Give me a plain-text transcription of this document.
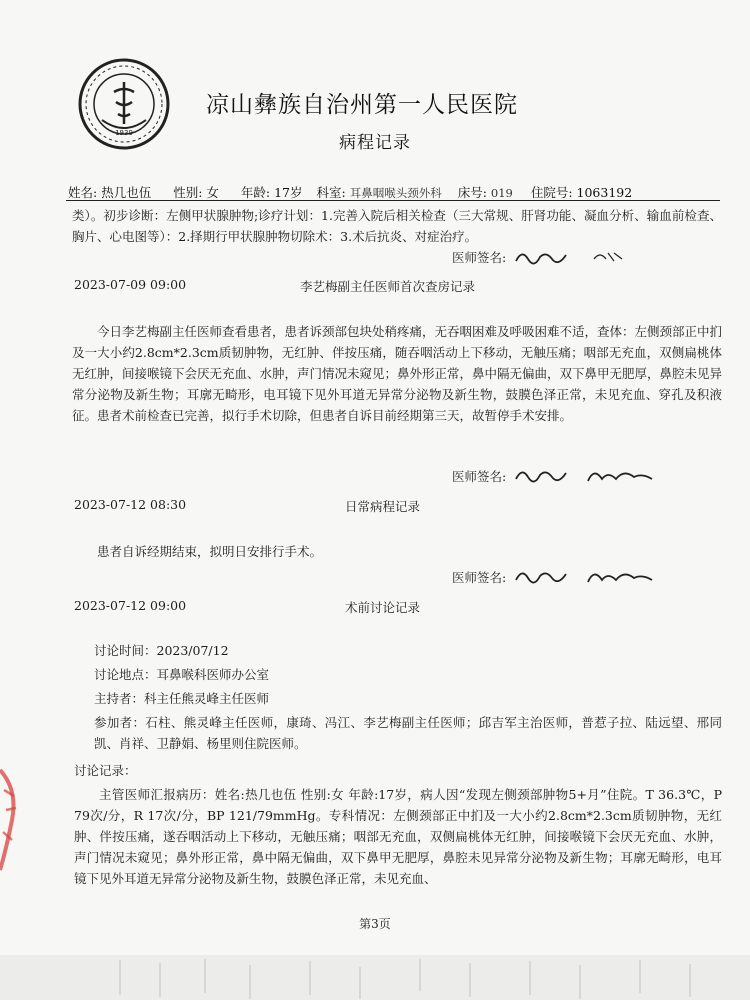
1939
凉山彝族自治州第一人民医院
病程记录
姓名: 热几也伍 性别: 女 年龄: 17岁 科室: 耳鼻咽喉头颈外科 床号: 019 住院号: 1063192
类）。初步诊断：左侧甲状腺肿物;诊疗计划：1.完善入院后相关检查（三大常规、肝肾功能、凝血分析、输血前检查、胸片、心电图等）：2.择期行甲状腺肿物切除术：3.术后抗炎、对症治疗。
医师签名:
2023-07-09 09:00	李艺梅副主任医师首次查房记录
今日李艺梅副主任医师查看患者，患者诉颈部包块处稍疼痛，无吞咽困难及呼吸困难不适，查体：左侧颈部正中扪及一大小约2.8cm*2.3cm质韧肿物，无红肿、伴按压痛，随吞咽活动上下移动，无触压痛；咽部无充血，双侧扁桃体无红肿，间接喉镜下会厌无充血、水肿，声门情况未窥见；鼻外形正常，鼻中隔无偏曲，双下鼻甲无肥厚，鼻腔未见异常分泌物及新生物；耳廓无畸形，电耳镜下见外耳道无异常分泌物及新生物，鼓膜色泽正常，未见充血、穿孔及积液征。患者术前检查已完善，拟行手术切除，但患者自诉目前经期第三天，故暂停手术安排。
医师签名:
2023-07-12 08:30	日常病程记录
患者自诉经期结束，拟明日安排行手术。
医师签名:
2023-07-12 09:00	术前讨论记录
讨论时间：2023/07/12
讨论地点：耳鼻喉科医师办公室
主持者：科主任熊灵峰主任医师
参加者：石柱、熊灵峰主任医师，康琦、冯江、李艺梅副主任医师；邱吉军主治医师，普惹子拉、陆远望、邢同凯、肖祥、卫静娟、杨里则住院医师。
讨论记录：
主管医师汇报病历：姓名:热几也伍 性别:女 年龄:17岁，病人因“发现左侧颈部肿物5+月”住院。T 36.3℃，P 79次/分，R 17次/分，BP 121/79mmHg。专科情况：左侧颈部正中扪及一大小约2.8cm*2.3cm质韧肿物，无红肿、伴按压痛，遂吞咽活动上下移动，无触压痛；咽部无充血，双侧扁桃体无红肿，间接喉镜下会厌无充血、水肿，声门情况未窥见；鼻外形正常，鼻中隔无偏曲，双下鼻甲无肥厚，鼻腔未见异常分泌物及新生物；耳廓无畸形，电耳镜下见外耳道无异常分泌物及新生物，鼓膜色泽正常，未见充血、
第3页
